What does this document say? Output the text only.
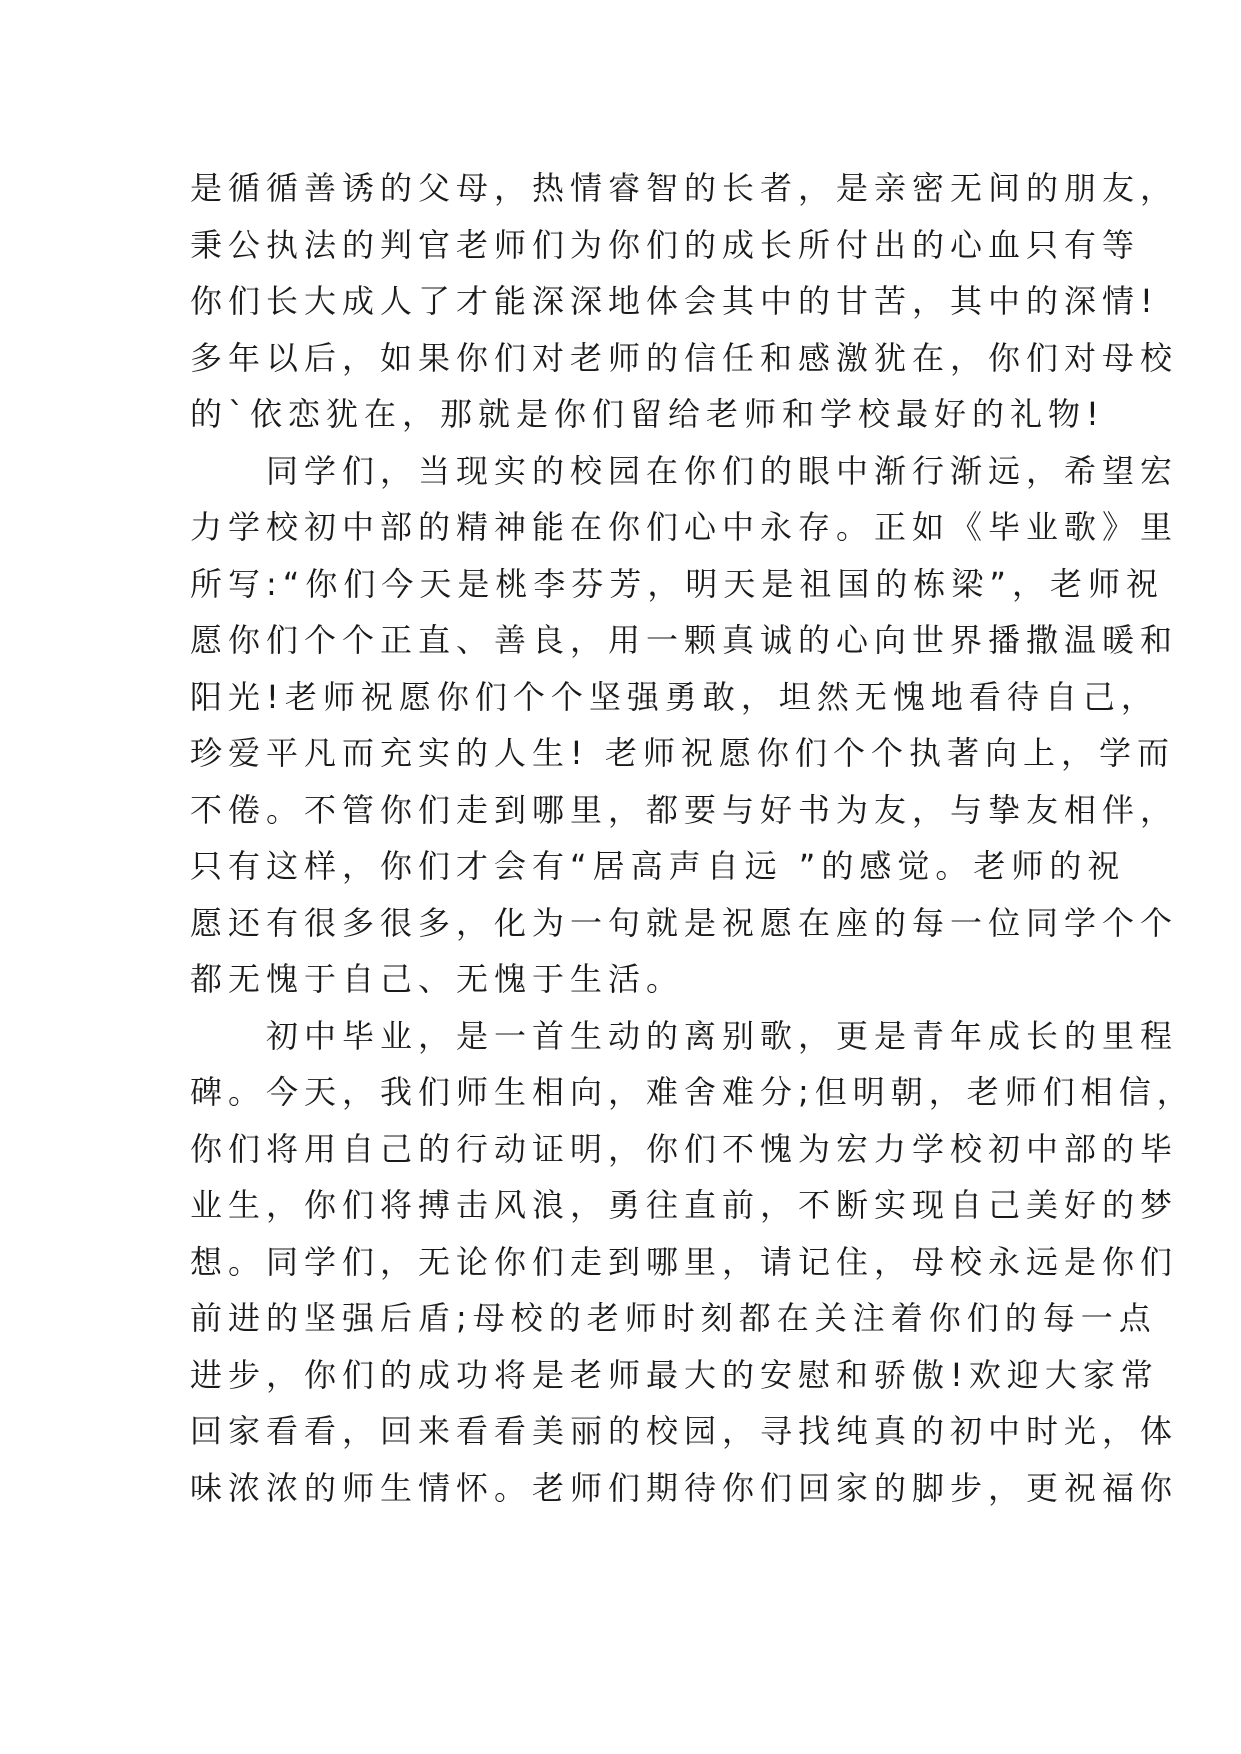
是循循善诱的父母，热情睿智的长者，是亲密无间的朋友，
秉公执法的判官老师们为你们的成长所付出的心血只有等
你们长大成人了才能深深地体会其中的甘苦，其中的深情!
多年以后，如果你们对老师的信任和感激犹在，你们对母校
的`依恋犹在，那就是你们留给老师和学校最好的礼物!
　　同学们，当现实的校园在你们的眼中渐行渐远，希望宏
力学校初中部的精神能在你们心中永存。正如《毕业歌》里
所写:“你们今天是桃李芬芳，明天是祖国的栋梁”，老师祝
愿你们个个正直、善良，用一颗真诚的心向世界播撒温暖和
阳光!老师祝愿你们个个坚强勇敢，坦然无愧地看待自己，
珍爱平凡而充实的人生! 老师祝愿你们个个执著向上，学而
不倦。不管你们走到哪里，都要与好书为友，与挚友相伴，
只有这样，你们才会有“居高声自远 ”的感觉。老师的祝
愿还有很多很多，化为一句就是祝愿在座的每一位同学个个
都无愧于自己、无愧于生活。
　　初中毕业，是一首生动的离别歌，更是青年成长的里程
碑。今天，我们师生相向，难舍难分;但明朝，老师们相信，
你们将用自己的行动证明，你们不愧为宏力学校初中部的毕
业生，你们将搏击风浪，勇往直前，不断实现自己美好的梦
想。同学们，无论你们走到哪里，请记住，母校永远是你们
前进的坚强后盾;母校的老师时刻都在关注着你们的每一点
进步，你们的成功将是老师最大的安慰和骄傲!欢迎大家常
回家看看，回来看看美丽的校园，寻找纯真的初中时光，体
味浓浓的师生情怀。老师们期待你们回家的脚步，更祝福你
